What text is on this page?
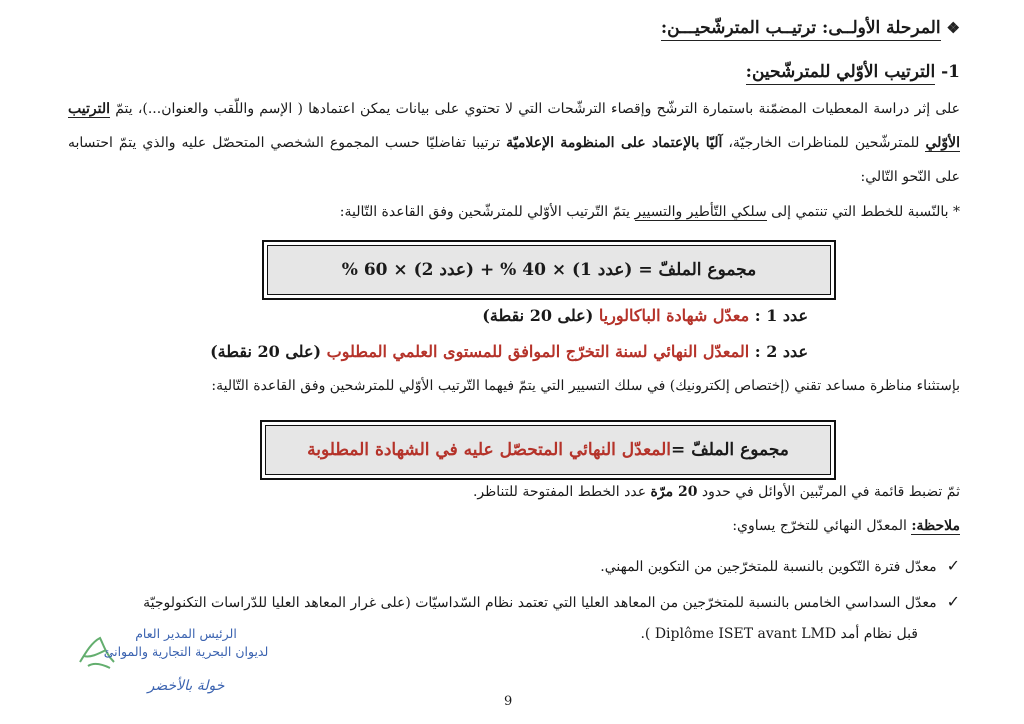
❖المرحلة الأولــى: ترتيــب المترشّحيـــن:
1- الترتيب الأوّلي للمترشّحين:
على إثر دراسة المعطيات المضمّنة باستمارة الترشّح وإقصاء الترشّحات التي لا تحتوي على بيانات يمكن اعتمادها ( الإسم واللّقب والعنوان...)، يتمّ الترتيب الأوّلي للمترشّحين للمناظرات الخارجيّة، آليّا بالإعتماد على المنظومة الإعلاميّة ترتيبا تفاضليّا حسب المجموع الشخصي المتحصّل عليه والذي يتمّ احتسابه على النّحو التّالي:
* بالنّسبة للخطط التي تنتمي إلى سلكي التّأطير والتسيير يتمّ التّرتيب الأوّلي للمترشّحين وفق القاعدة التّالية:
مجموع الملفّ = (عدد 1) × 40 % + (عدد 2) × 60 %
عدد 1 : معدّل شهادة الباكالوريا (على 20 نقطة)
عدد 2 : المعدّل النهائي لسنة التخرّج الموافق للمستوى العلمي المطلوب (على 20 نقطة)
بإستثناء مناظرة مساعد تقني (إختصاص إلكترونيك) في سلك التسيير التي يتمّ فيهما التّرتيب الأوّلي للمترشحين وفق القاعدة التّالية:
مجموع الملفّ =
المعدّل النهائي المتحصّل عليه في الشهادة المطلوبة
ثمّ تضبط قائمة في المرتّبين الأوائل في حدود 20 مرّة عدد الخطط المفتوحة للتناظر.
ملاحظة: المعدّل النهائي للتخرّج يساوي:
✓معدّل فترة التّكوين بالنسبة للمتخرّجين من التكوين المهني.
✓معدّل السداسي الخامس بالنسبة للمتخرّجين من المعاهد العليا التي تعتمد نظام السّداسيّات (على غرار المعاهد العليا للدّراسات التكنولوجيّة
قبل نظام أمد Diplôme ISET avant LMD ).
الرئيس المدير العام
لديوان البحرية التجارية والموانئ
خولة بالأخضر
9
